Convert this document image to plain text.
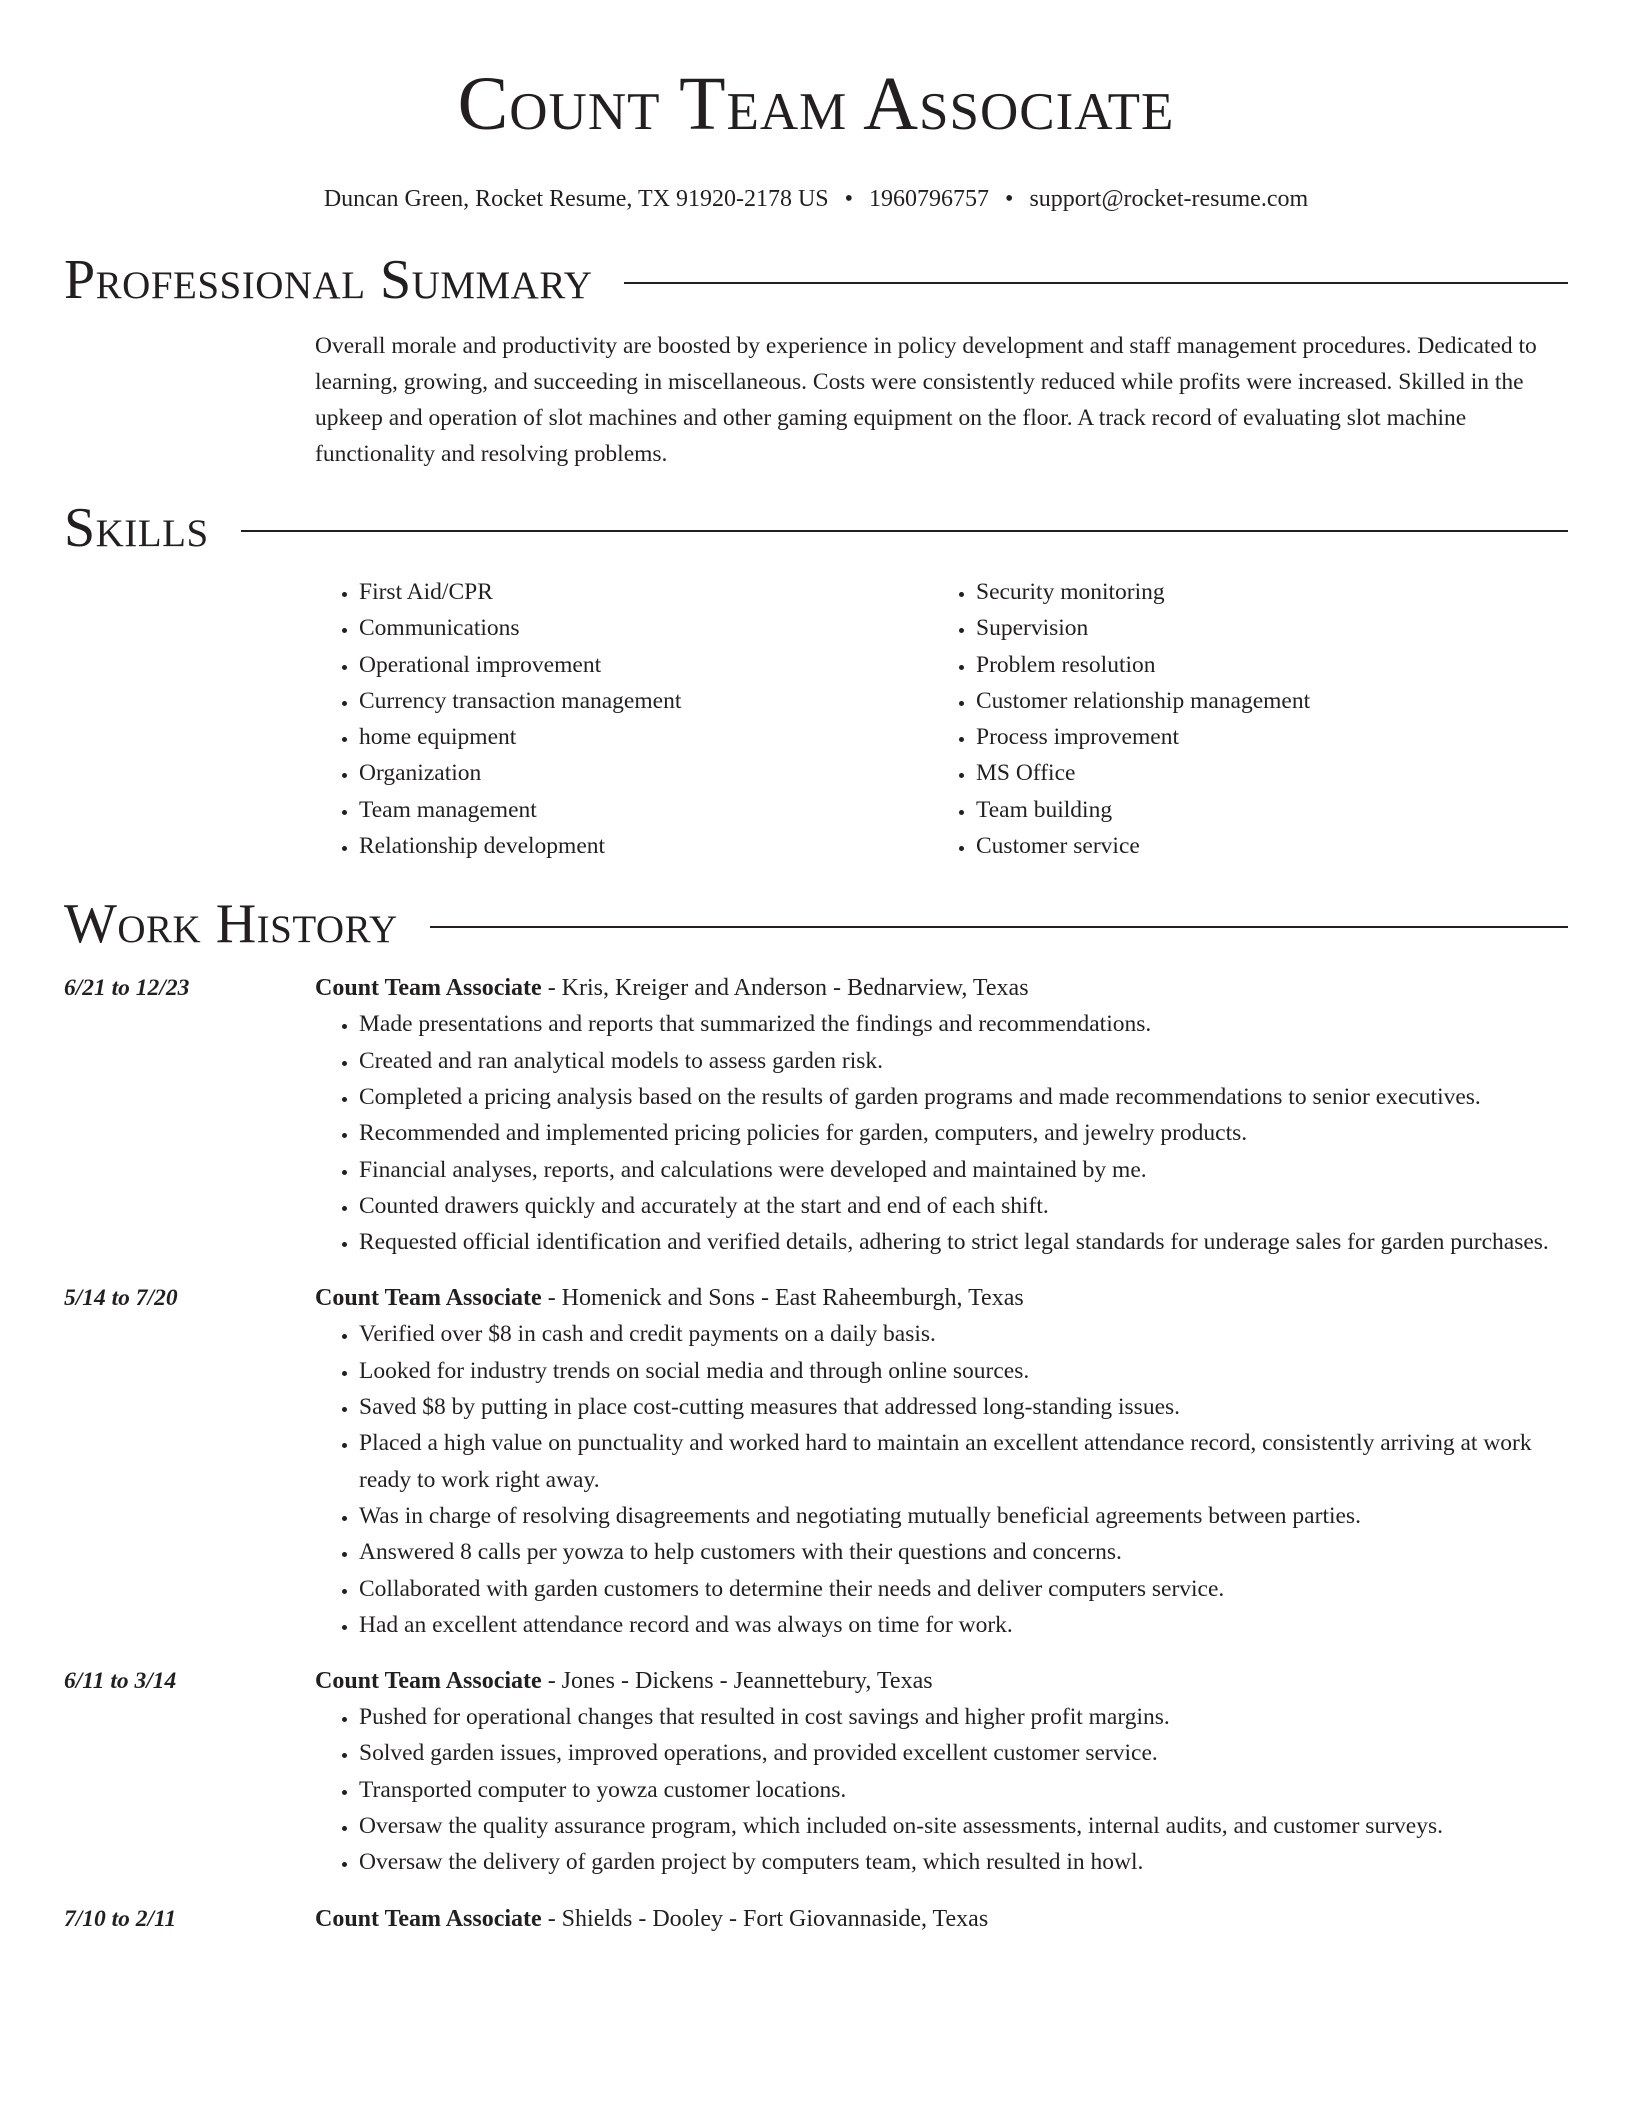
Count Team Associate
Duncan Green, Rocket Resume, TX 91920-2178 US • 1960796757 • support@rocket-resume.com
Professional Summary

Overall morale and productivity are boosted by experience in policy development and staff management procedures. Dedicated to learning, growing, and succeeding in miscellaneous. Costs were consistently reduced while profits were increased. Skilled in the upkeep and operation of slot machines and other gaming equipment on the floor. A track record of evaluating slot machine functionality and resolving problems.

Skills
• First Aid/CPR
• Communications
• Operational improvement
• Currency transaction management
• home equipment
• Organization
• Team management
• Relationship development
• Security monitoring
• Supervision
• Problem resolution
• Customer relationship management
• Process improvement
• MS Office
• Team building
• Customer service
Work History
6/21 to 12/23	Count Team Associate - Kris, Kreiger and Anderson - Bednarview, Texas
• Made presentations and reports that summarized the findings and recommendations.
• Created and ran analytical models to assess garden risk.
• Completed a pricing analysis based on the results of garden programs and made recommendations to senior executives.
• Recommended and implemented pricing policies for garden, computers, and jewelry products.
• Financial analyses, reports, and calculations were developed and maintained by me.
• Counted drawers quickly and accurately at the start and end of each shift.
• Requested official identification and verified details, adhering to strict legal standards for underage sales for garden purchases.
5/14 to 7/20	Count Team Associate - Homenick and Sons - East Raheemburgh, Texas
• Verified over $8 in cash and credit payments on a daily basis.
• Looked for industry trends on social media and through online sources.
• Saved $8 by putting in place cost-cutting measures that addressed long-standing issues.
• Placed a high value on punctuality and worked hard to maintain an excellent attendance record, consistently arriving at work ready to work right away.
• Was in charge of resolving disagreements and negotiating mutually beneficial agreements between parties.
• Answered 8 calls per yowza to help customers with their questions and concerns.
• Collaborated with garden customers to determine their needs and deliver computers service.
• Had an excellent attendance record and was always on time for work.
6/11 to 3/14	Count Team Associate - Jones - Dickens - Jeannettebury, Texas
• Pushed for operational changes that resulted in cost savings and higher profit margins.
• Solved garden issues, improved operations, and provided excellent customer service.
• Transported computer to yowza customer locations.
• Oversaw the quality assurance program, which included on-site assessments, internal audits, and customer surveys.
• Oversaw the delivery of garden project by computers team, which resulted in howl.
7/10 to 2/11	Count Team Associate - Shields - Dooley - Fort Giovannaside, Texas
